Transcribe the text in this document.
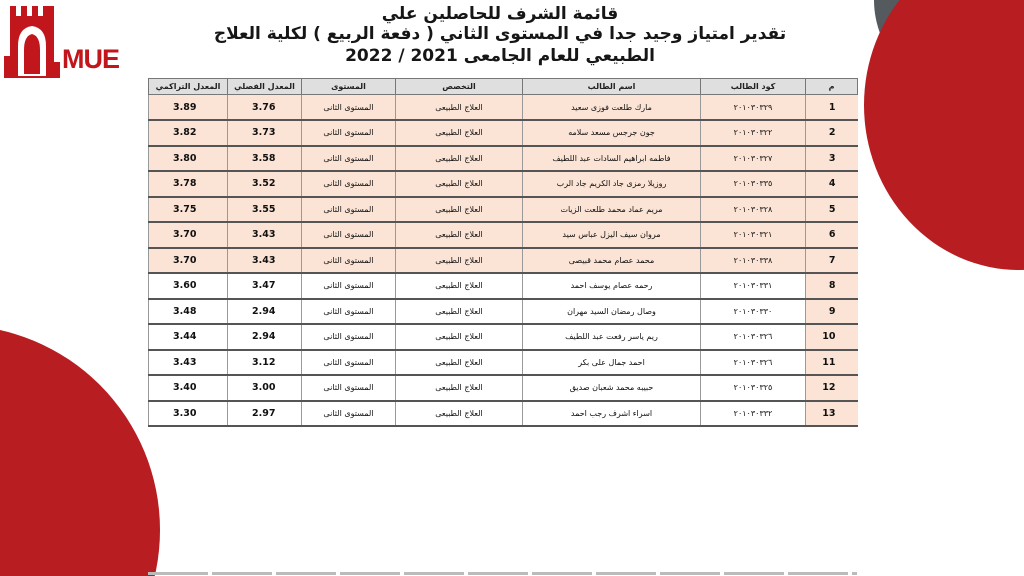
MUE
قائمة الشرف للحاصلين علي
تقدير امتياز وجيد جدا في المستوى الثاني ( دفعة الربيع ) لكلية العلاج
الطبيعي للعام الجامعى 2021 / 2022
م	كود الطالب	اسم الطالب	التخصص	المستوى	المعدل الفصلي	المعدل التراكمي
1	٢٠١٠٣٠٣٢٩	مارك طلعت فوزى سعيد	العلاج الطبيعى	المستوى الثانى	3.76	3.89
2	٢٠١٠٣٠٣٢٢	جون جرجس مسعد سلامه	العلاج الطبيعى	المستوى الثانى	3.73	3.82
3	٢٠١٠٣٠٣٢٧	فاطمه ابراهيم السادات عبد اللطيف	العلاج الطبيعى	المستوى الثانى	3.58	3.80
4	٢٠١٠٣٠٣٣٥	روزيلا رمزى جاد الكريم جاد الرب	العلاج الطبيعى	المستوى الثانى	3.52	3.78
5	٢٠١٠٣٠٣٢٨	مريم عماد محمد طلعت الزيات	العلاج الطبيعى	المستوى الثانى	3.55	3.75
6	٢٠١٠٣٠٣٢١	مروان سيف اليزل عباس سيد	العلاج الطبيعى	المستوى الثانى	3.43	3.70
7	٢٠١٠٣٠٣٣٨	محمد عصام محمد قبيصى	العلاج الطبيعى	المستوى الثانى	3.43	3.70
8	٢٠١٠٣٠٣٣١	رحمه عصام يوسف احمد	العلاج الطبيعى	المستوى الثانى	3.47	3.60
9	٢٠١٠٣٠٣٣٠	وصال رمضان السيد مهران	العلاج الطبيعى	المستوى الثانى	2.94	3.48
10	٢٠١٠٣٠٣٢٦	ريم ياسر رفعت عبد اللطيف	العلاج الطبيعى	المستوى الثانى	2.94	3.44
11	٢٠١٠٣٠٣٢٦	احمد جمال على بكر	العلاج الطبيعى	المستوى الثانى	3.12	3.43
12	٢٠١٠٣٠٣٢٥	حبيبه محمد شعبان صديق	العلاج الطبيعى	المستوى الثانى	3.00	3.40
13	٢٠١٠٣٠٣٣٢	اسراء اشرف رجب احمد	العلاج الطبيعى	المستوى الثانى	2.97	3.30
